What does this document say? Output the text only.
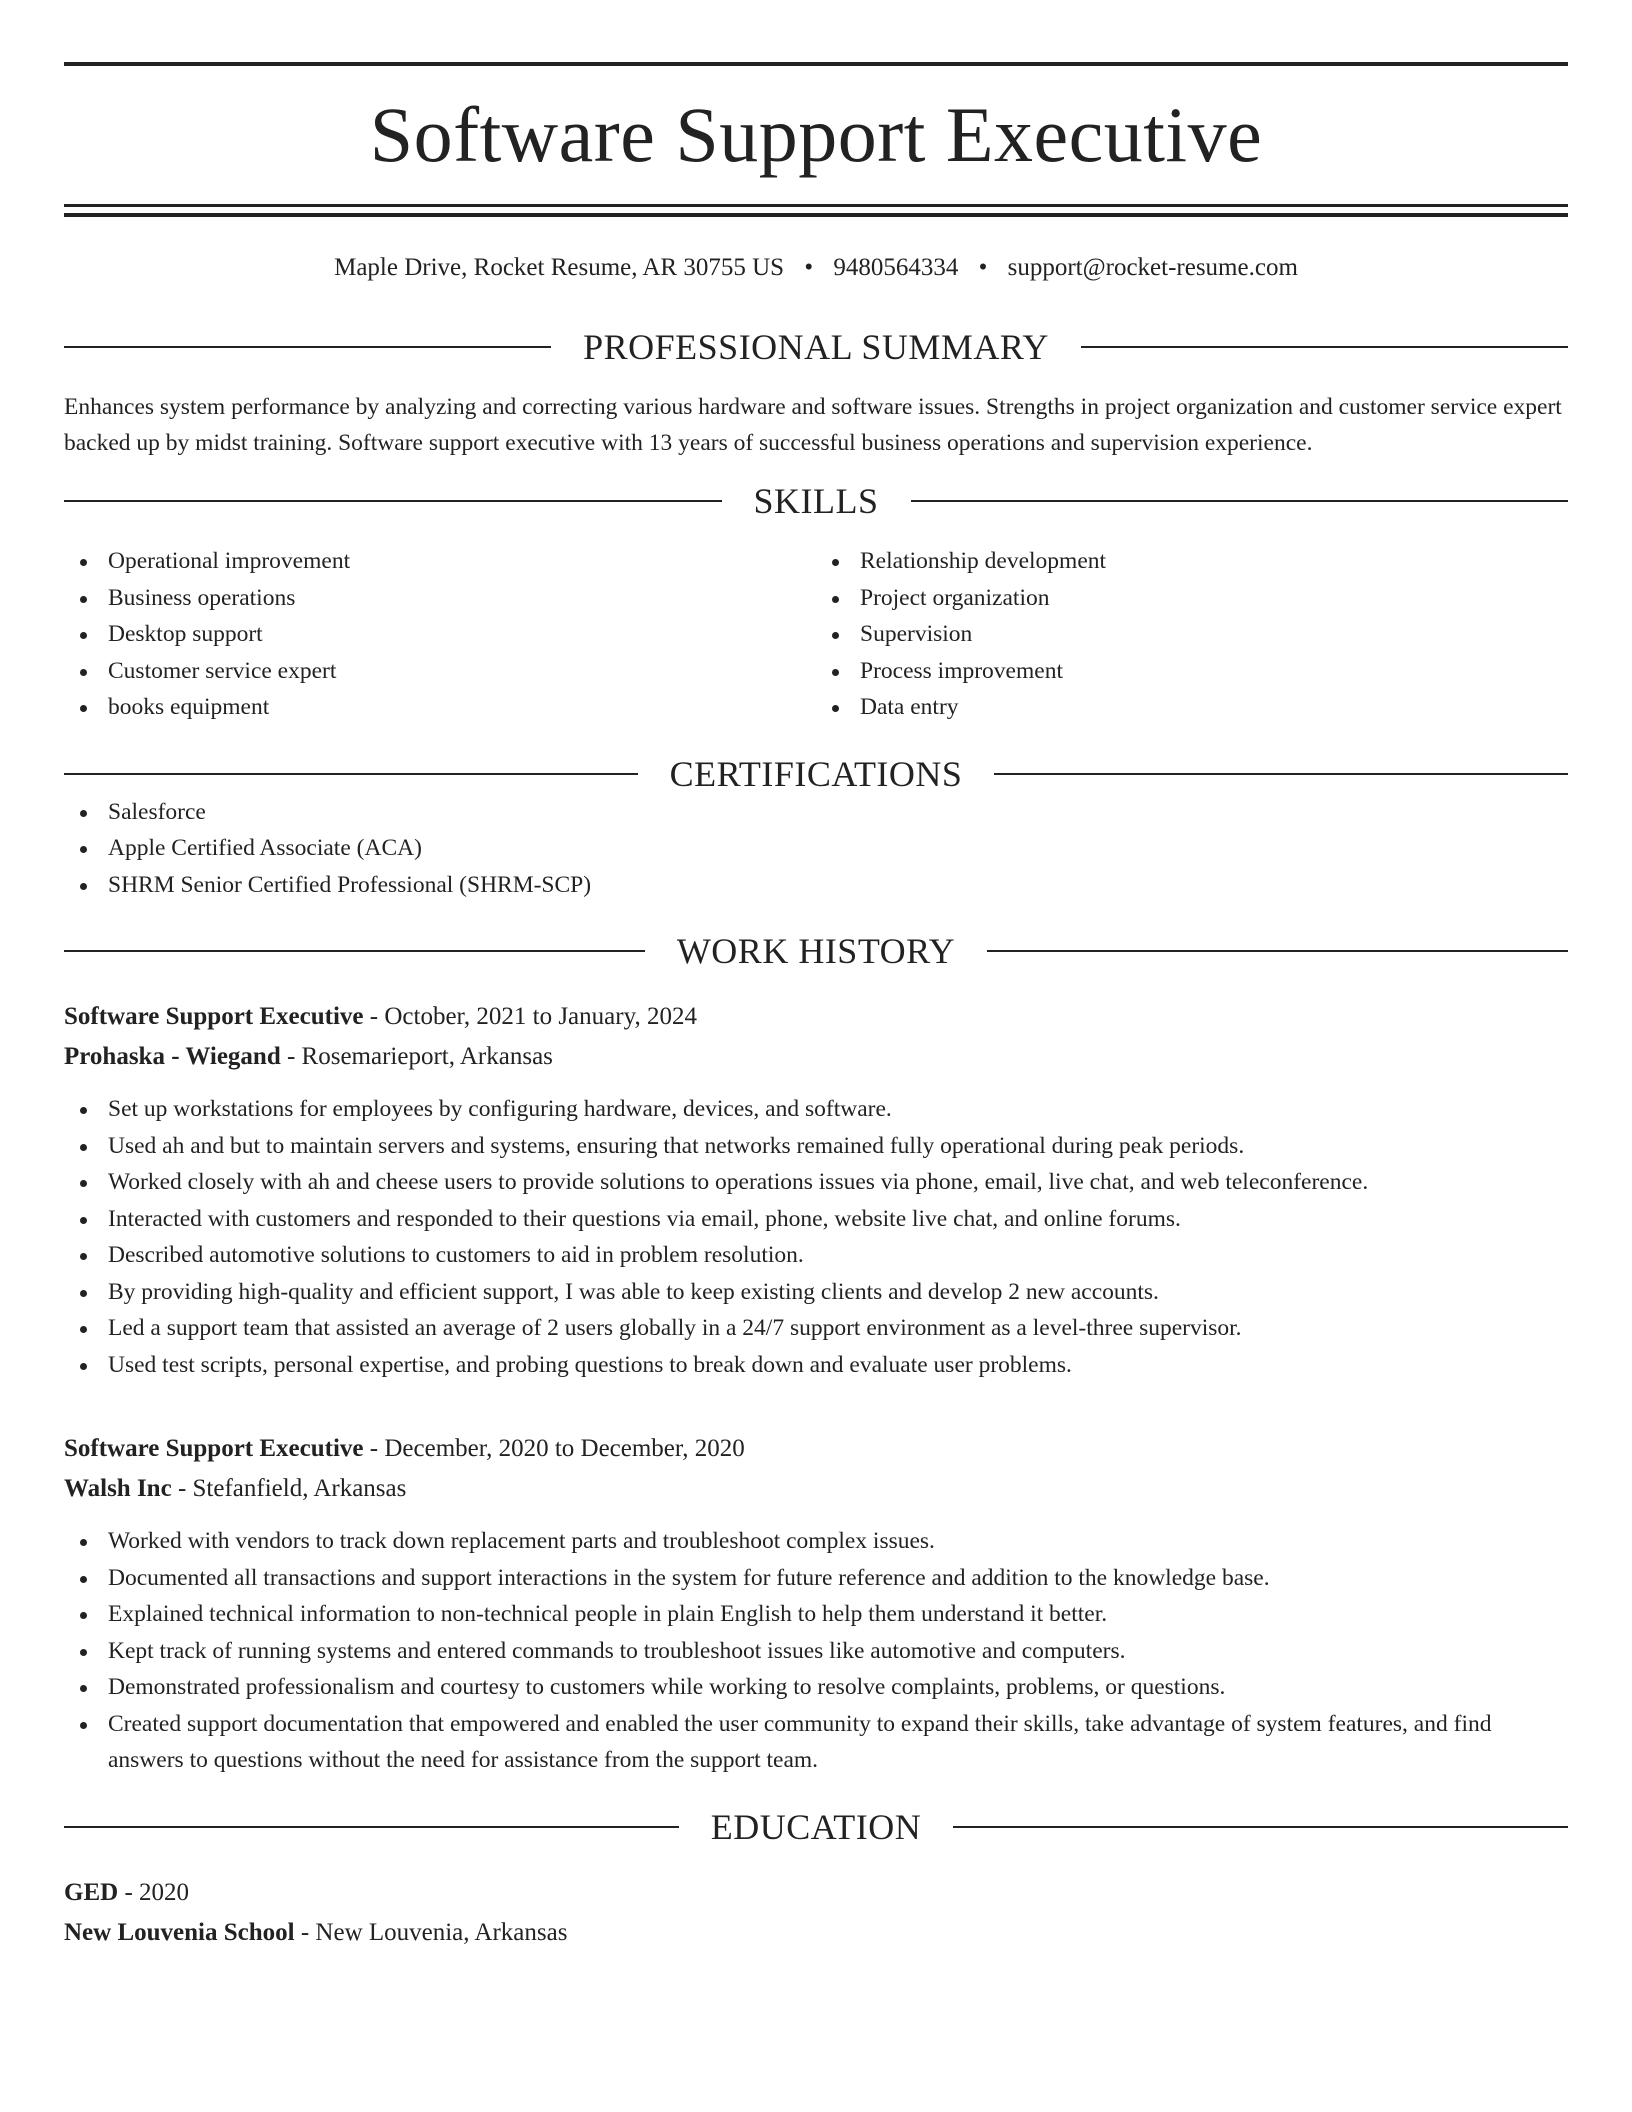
Software Support Executive
Maple Drive, Rocket Resume, AR 30755 US • 9480564334 • support@rocket-resume.com
PROFESSIONAL SUMMARY
Enhances system performance by analyzing and correcting various hardware and software issues. Strengths in project organization and customer service expert backed up by midst training. Software support executive with 13 years of successful business operations and supervision experience.
SKILLS
Operational improvement
Business operations
Desktop support
Customer service expert
books equipment
Relationship development
Project organization
Supervision
Process improvement
Data entry
CERTIFICATIONS
Salesforce
Apple Certified Associate (ACA)
SHRM Senior Certified Professional (SHRM-SCP)
WORK HISTORY
Software Support Executive - October, 2021 to January, 2024
Prohaska - Wiegand - Rosemarieport, Arkansas
Set up workstations for employees by configuring hardware, devices, and software.
Used ah and but to maintain servers and systems, ensuring that networks remained fully operational during peak periods.
Worked closely with ah and cheese users to provide solutions to operations issues via phone, email, live chat, and web teleconference.
Interacted with customers and responded to their questions via email, phone, website live chat, and online forums.
Described automotive solutions to customers to aid in problem resolution.
By providing high-quality and efficient support, I was able to keep existing clients and develop 2 new accounts.
Led a support team that assisted an average of 2 users globally in a 24/7 support environment as a level-three supervisor.
Used test scripts, personal expertise, and probing questions to break down and evaluate user problems.
Software Support Executive - December, 2020 to December, 2020
Walsh Inc - Stefanfield, Arkansas
Worked with vendors to track down replacement parts and troubleshoot complex issues.
Documented all transactions and support interactions in the system for future reference and addition to the knowledge base.
Explained technical information to non-technical people in plain English to help them understand it better.
Kept track of running systems and entered commands to troubleshoot issues like automotive and computers.
Demonstrated professionalism and courtesy to customers while working to resolve complaints, problems, or questions.
Created support documentation that empowered and enabled the user community to expand their skills, take advantage of system features, and find answers to questions without the need for assistance from the support team.
EDUCATION
GED - 2020
New Louvenia School - New Louvenia, Arkansas
